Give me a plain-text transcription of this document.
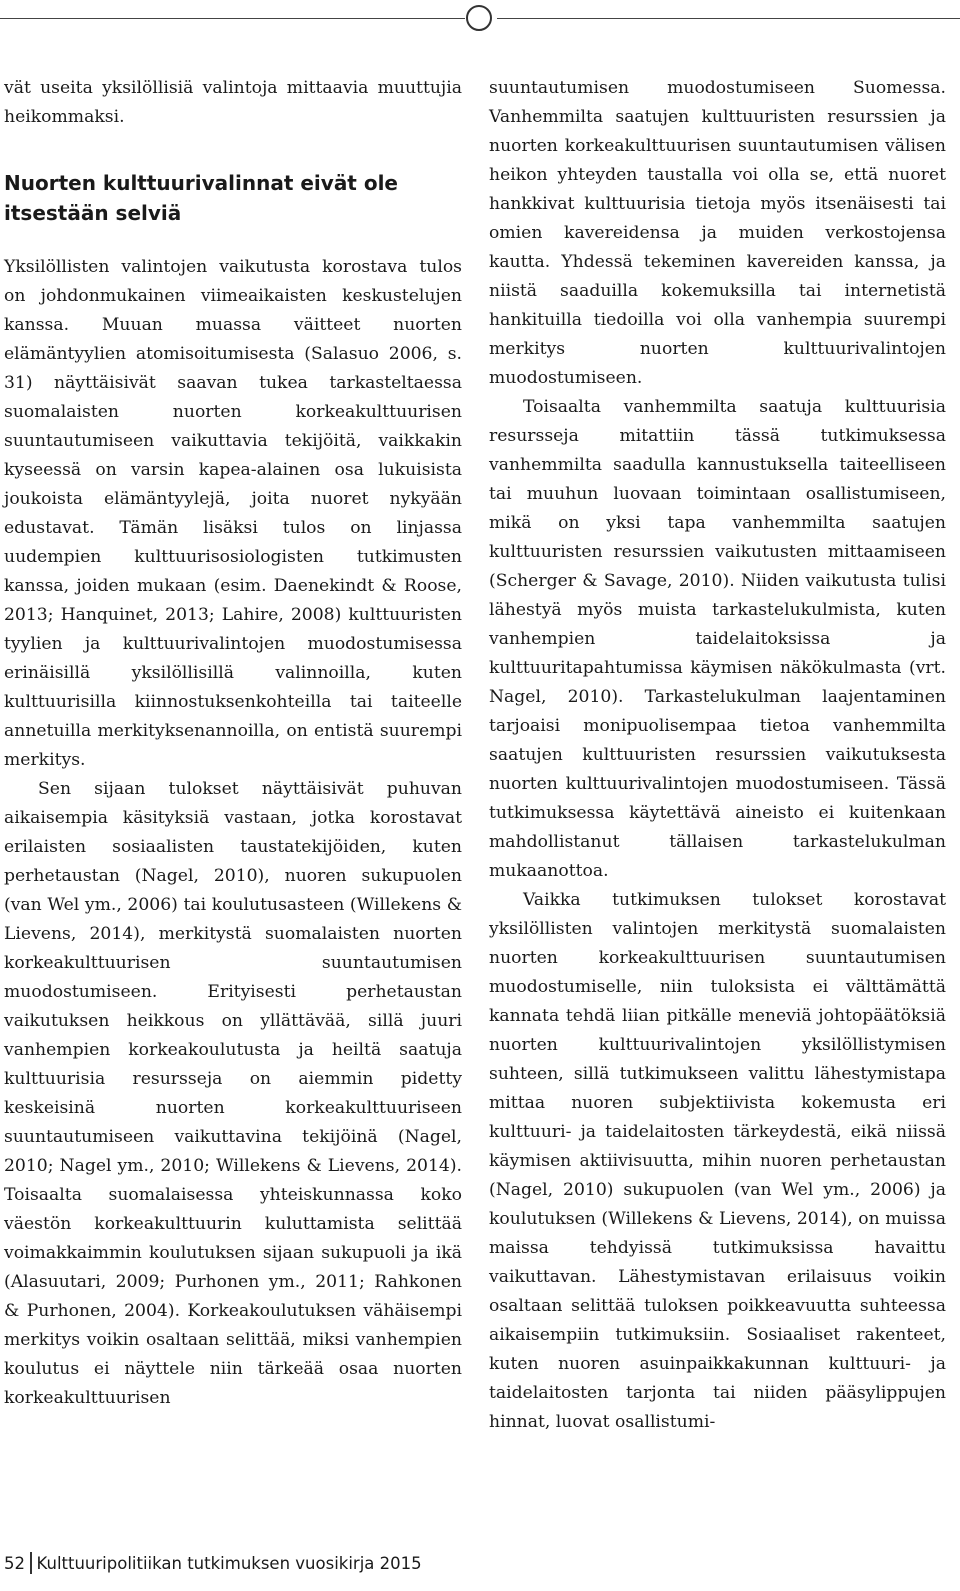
vät useita yksilöllisiä valintoja mittaavia muuttujia heikommaksi.

Nuorten kulttuurivalinnat eivät ole itsestään selviä

Yksilöllisten valintojen vaikutusta korostava tulos on johdonmukainen viimeaikaisten keskustelujen kanssa. Muuan muassa väitteet nuorten elämäntyylien atomisoitumisesta (Salasuo 2006, s. 31) näyttäisivät saavan tukea tarkasteltaessa suomalaisten nuorten korkeakulttuurisen suuntautumiseen vaikuttavia tekijöitä, vaikkakin kyseessä on varsin kapea-alainen osa lukuisista joukoista elämäntyylejä, joita nuoret nykyään edustavat. Tämän lisäksi tulos on linjassa uudempien kulttuurisosiologisten tutkimusten kanssa, joiden mukaan (esim. Daenekindt & Roose, 2013; Hanquinet, 2013; Lahire, 2008) kulttuuristen tyylien ja kulttuurivalintojen muodostumisessa erinäisillä yksilöllisillä valinnoilla, kuten kulttuurisilla kiinnostuksenkohteilla tai taiteelle annetuilla merkityksenannoilla, on entistä suurempi merkitys.

Sen sijaan tulokset näyttäisivät puhuvan aikaisempia käsityksiä vastaan, jotka korostavat erilaisten sosiaalisten taustatekijöiden, kuten perhetaustan (Nagel, 2010), nuoren sukupuolen (van Wel ym., 2006) tai koulutusasteen (Willekens & Lievens, 2014), merkitystä suomalaisten nuorten korkeakulttuurisen suuntautumisen muodostumiseen. Erityisesti perhetaustan vaikutuksen heikkous on yllättävää, sillä juuri vanhempien korkeakoulutusta ja heiltä saatuja kulttuurisia resursseja on aiemmin pidetty keskeisinä nuorten korkeakulttuuriseen suuntautumiseen vaikuttavina tekijöinä (Nagel, 2010; Nagel ym., 2010; Willekens & Lievens, 2014). Toisaalta suomalaisessa yhteiskunnassa koko väestön korkeakulttuurin kuluttamista selittää voimakkaimmin koulutuksen sijaan sukupuoli ja ikä (Alasuutari, 2009; Purhonen ym., 2011; Rahkonen & Purhonen, 2004). Korkeakoulutuksen vähäisempi merkitys voikin osaltaan selittää, miksi vanhempien koulutus ei näyttele niin tärkeää osaa nuorten korkeakulttuurisen

suuntautumisen muodostumiseen Suomessa. Vanhemmilta saatujen kulttuuristen resurssien ja nuorten korkeakulttuurisen suuntautumisen välisen heikon yhteyden taustalla voi olla se, että nuoret hankkivat kulttuurisia tietoja myös itsenäisesti tai omien kavereidensa ja muiden verkostojensa kautta. Yhdessä tekeminen kavereiden kanssa, ja niistä saaduilla kokemuksilla tai internetistä hankituilla tiedoilla voi olla vanhempia suurempi merkitys nuorten kulttuurivalintojen muodostumiseen.

Toisaalta vanhemmilta saatuja kulttuurisia resursseja mitattiin tässä tutkimuksessa vanhemmilta saadulla kannustuksella taiteelliseen tai muuhun luovaan toimintaan osallistumiseen, mikä on yksi tapa vanhemmilta saatujen kulttuuristen resurssien vaikutusten mittaamiseen (Scherger & Savage, 2010). Niiden vaikutusta tulisi lähestyä myös muista tarkastelukulmista, kuten vanhempien taidelaitoksissa ja kulttuuritapahtumissa käymisen näkökulmasta (vrt. Nagel, 2010). Tarkastelukulman laajentaminen tarjoaisi monipuolisempaa tietoa vanhemmilta saatujen kulttuuristen resurssien vaikutuksesta nuorten kulttuurivalintojen muodostumiseen. Tässä tutkimuksessa käytettävä aineisto ei kuitenkaan mahdollistanut tällaisen tarkastelukulman mukaanottoa.

Vaikka tutkimuksen tulokset korostavat yksilöllisten valintojen merkitystä suomalaisten nuorten korkeakulttuurisen suuntautumisen muodostumiselle, niin tuloksista ei välttämättä kannata tehdä liian pitkälle meneviä johtopäätöksiä nuorten kulttuurivalintojen yksilöllistymisen suhteen, sillä tutkimukseen valittu lähestymistapa mittaa nuoren subjektiivista kokemusta eri kulttuuri- ja taidelaitosten tärkeydestä, eikä niissä käymisen aktiivisuutta, mihin nuoren perhetaustan (Nagel, 2010) sukupuolen (van Wel ym., 2006) ja koulutuksen (Willekens & Lievens, 2014), on muissa maissa tehdyissä tutkimuksissa havaittu vaikuttavan. Lähestymistavan erilaisuus voikin osaltaan selittää tuloksen poikkeavuutta suhteessa aikaisempiin tutkimuksiin. Sosiaaliset rakenteet, kuten nuoren asuinpaikkakunnan kulttuuri- ja taidelaitosten tarjonta tai niiden pääsylippujen hinnat, luovat osallistumi-

52 Kulttuuripolitiikan tutkimuksen vuosikirja 2015
